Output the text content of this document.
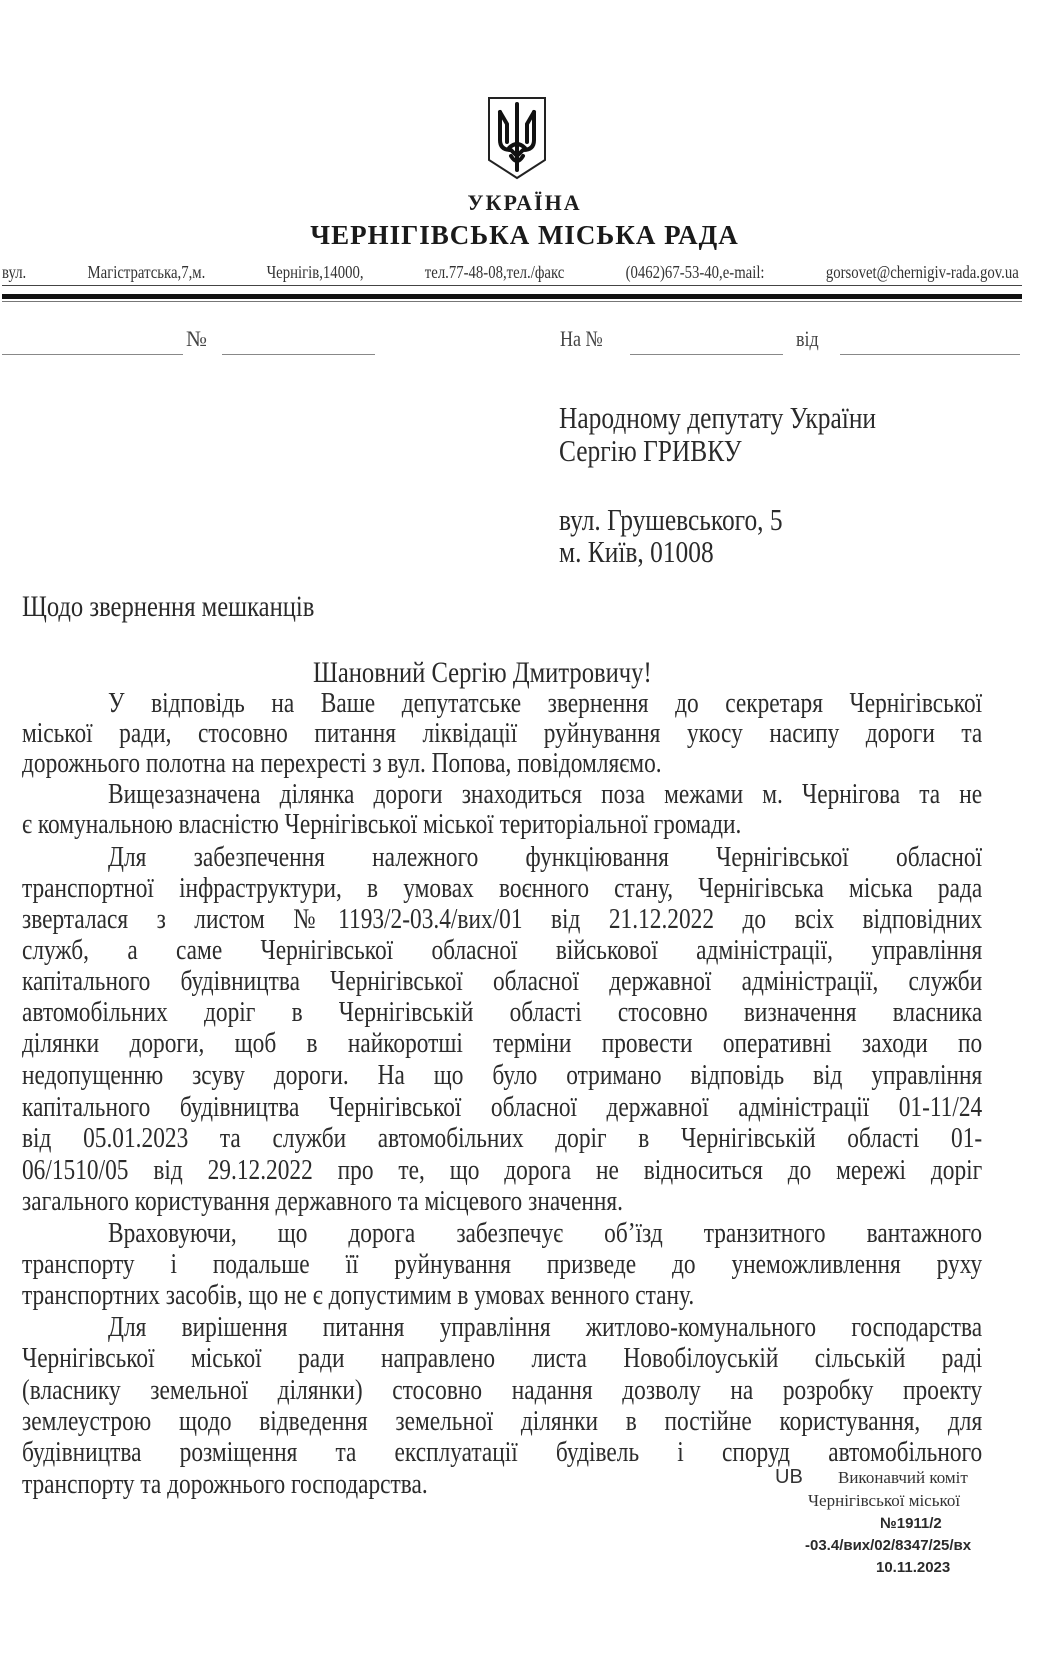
УКРАЇНА
ЧЕРНІГІВСЬКА МІСЬКА РАДА
вул. Магістратська,7,м. Чернігів,14000, тел.77-48-08,тел./факс (0462)67-53-40,e-mail: gorsovet@chernigiv-rada.gov.ua
№	На №	від
Народному депутату України
Сергію ГРИВКУ
вул. Грушевського, 5
м. Київ, 01008
Щодо звернення мешканців
Шановний Сергію Дмитровичу!
У відповідь на Ваше депутатське звернення до секретаря Чернігівської
міської ради, стосовно питання ліквідації руйнування укосу насипу дороги та
дорожнього полотна на перехресті з вул. Попова, повідомляємо.
Вищезазначена ділянка дороги знаходиться поза межами м. Чернігова та не
є комунальною власністю Чернігівської міської територіальної громади.
Для забезпечення належного функціювання Чернігівської обласної
транспортної інфраструктури, в умовах воєнного стану, Чернігівська міська рада
зверталася з листом №1193/2-03.4/вих/01 від 21.12.2022 до всіх відповідних
служб, а саме Чернігівської обласної військової адміністрації, управління
капітального будівництва Чернігівської обласної державної адміністрації, служби
автомобільних доріг в Чернігівській області стосовно визначення власника
ділянки дороги, щоб в найкоротші терміни провести оперативні заходи по
недопущенню зсуву дороги. На що було отримано відповідь від управління
капітального будівництва Чернігівської обласної державної адміністрації 01-11/24
від 05.01.2023 та служби автомобільних доріг в Чернігівській області 01-
06/1510/05 від 29.12.2022 про те, що дорога не відноситься до мережі доріг
загального користування державного та місцевого значення.
Враховуючи, що дорога забезпечує об’їзд транзитного вантажного
транспорту і подальше її руйнування призведе до унеможливлення руху
транспортних засобів, що не є допустимим в умовах венного стану.
Для вирішення питання управління житлово-комунального господарства
Чернігівської міської ради направлено листа Новобілоуській сільській раді
(власнику земельної ділянки) стосовно надання дозволу на розробку проекту
землеустрою щодо відведення земельної ділянки в постійне користування, для
будівництва розміщення та експлуатації будівель і споруд автомобільного
транспорту та дорожнього господарства.	UB Виконавчий коміт
Чернігівської міської
№1911/2
-03.4/вих/02/8347/25/вх
10.11.2023
